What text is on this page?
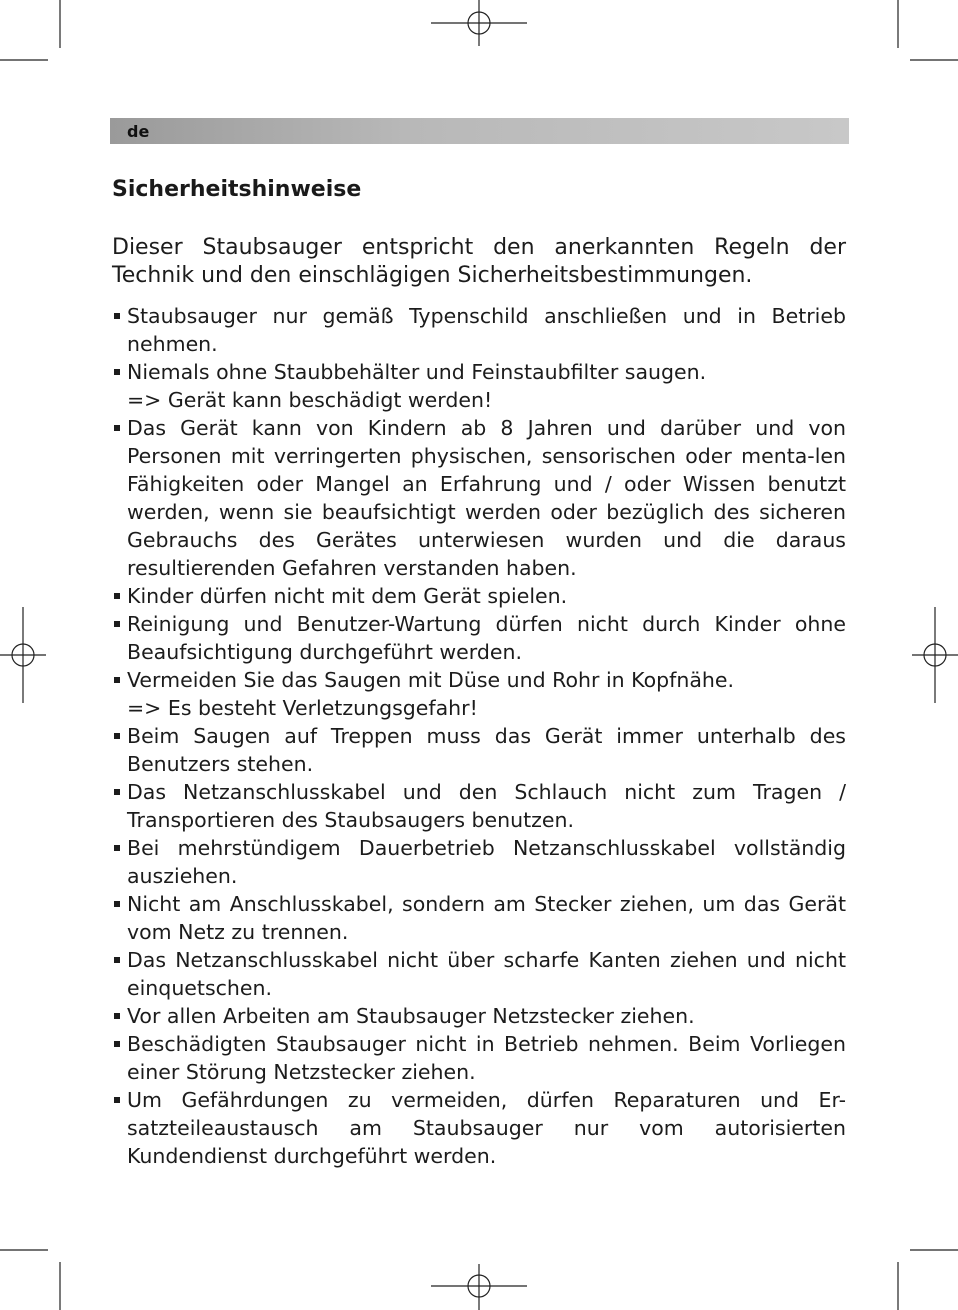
de
Sicherheitshinweise

Dieser Staubsauger entspricht den anerkannten Regeln der
Technik und den einschlägigen Sicherheitsbestimmungen.

Staubsauger nur gemäß Typenschild anschließen und in Betrieb nehmen.
Niemals ohne Staubbehälter und Feinstaubfilter saugen.
=> Gerät kann beschädigt werden!
Das Gerät kann von Kindern ab 8 Jahren und darüber und von Personen mit verringerten physischen, sensorischen oder menta-len Fähigkeiten oder Mangel an Erfahrung und / oder Wissen benutzt werden, wenn sie beaufsichtigt werden oder bezüglich des sicheren Gebrauchs des Gerätes unterwiesen wurden und die daraus resultierenden Gefahren verstanden haben.
Kinder dürfen nicht mit dem Gerät spielen.
Reinigung und Benutzer-Wartung dürfen nicht durch Kinder ohne Beaufsichtigung durchgeführt werden.
Vermeiden Sie das Saugen mit Düse und Rohr in Kopfnähe.
=> Es besteht Verletzungsgefahr!
Beim Saugen auf Treppen muss das Gerät immer unterhalb des Benutzers stehen.
Das Netzanschlusskabel und den Schlauch nicht zum Tragen / Transportieren des Staubsaugers benutzen.
Bei mehrstündigem Dauerbetrieb Netzanschlusskabel vollständig ausziehen.
Nicht am Anschlusskabel, sondern am Stecker ziehen, um das Gerät vom Netz zu trennen.
Das Netzanschlusskabel nicht über scharfe Kanten ziehen und nicht einquetschen.
Vor allen Arbeiten am Staubsauger Netzstecker ziehen.
Beschädigten Staubsauger nicht in Betrieb nehmen. Beim Vorliegen einer Störung Netzstecker ziehen.
Um Gefährdungen zu vermeiden, dürfen Reparaturen und Er-satzteileaustausch am Staubsauger nur vom autorisierten Kundendienst durchgeführt werden.
